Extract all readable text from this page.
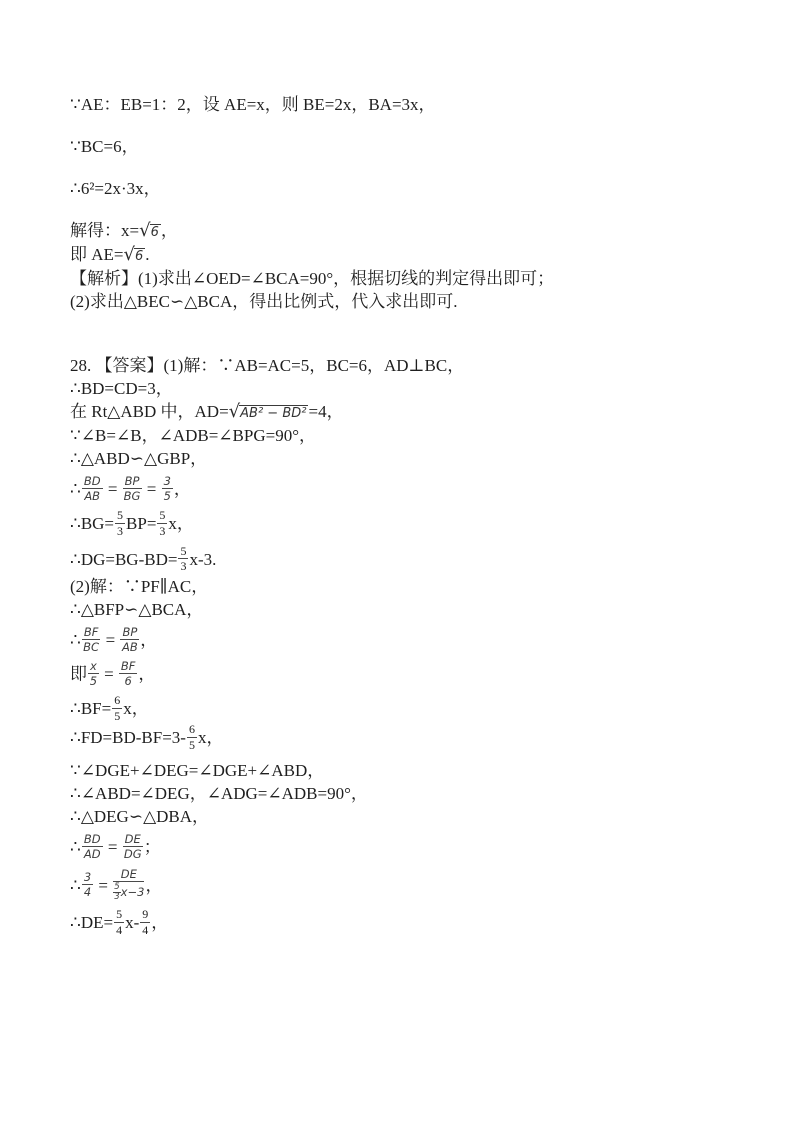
∵AE：EB=1：2，设 AE=x，则 BE=2x，BA=3x，
∵BC=6，
∴6²=2x·3x，
解得：x=√6 ，
即 AE=√6 .
【解析】(1)求出∠OED=∠BCA=90°，根据切线的判定得出即可；
(2)求出△BEC∽△BCA，得出比例式，代入求出即可.
28. 【答案】(1)解：∵AB=AC=5，BC=6，AD⊥BC，
∴BD=CD=3，
在 Rt△ABD 中，AD=√AB² − BD² =4，
∵∠B=∠B，∠ADB=∠BPG=90°，
∴△ABD∽△GBP，
∴ $\frac{BD}{AB} = \frac{BP}{BG} = \frac{3}{5}$ ，
∴BG= $\frac{5}{3} BP= \frac{5}{3}$ x，
∴DG=BG-BD= $\frac{5}{3} x-3$.
(2)解：∵PF∥AC，
∴△BFP∽△BCA，
∴ $\frac{BF}{BC} = \frac{BP}{AB}$ ，
即 $\frac{x}{5} = \frac{BF}{6}$ ，
∴BF= $\frac{6}{5}$ x，
∴FD=BD-BF=3- $\frac{6}{5}$ x，
∵∠DGE+∠DEG=∠DGE+∠ABD，
∴∠ABD=∠DEG，∠ADG=∠ADB=90°，
∴△DEG∽△DBA，
∴ $\frac{BD}{AD} = \frac{DE}{DG}$ ；
∴ $\frac{3}{4} = \frac{DE}{\frac{5}{3} x-3}$ ，
∴DE= $\frac{5}{4} x- \frac{9}{4}$ ，
